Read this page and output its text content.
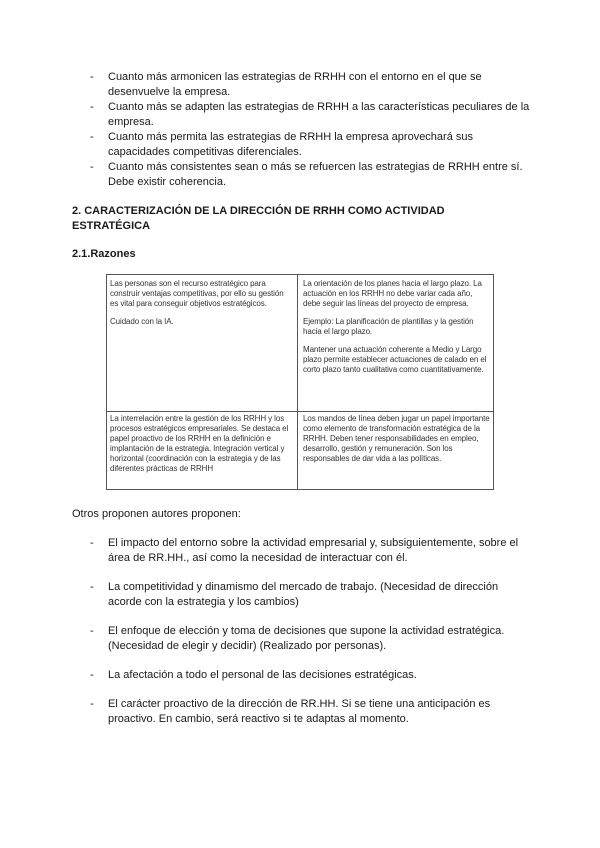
- Cuanto más armonicen las estrategias de RRHH con el entorno en el que se desenvuelve la empresa.
- Cuanto más se adapten las estrategias de RRHH a las características peculiares de la empresa.
- Cuanto más permita las estrategias de RRHH la empresa aprovechará sus capacidades competitivas diferenciales.
- Cuanto más consistentes sean o más se refuercen las estrategias de RRHH entre sí. Debe existir coherencia.
2. CARACTERIZACIÓN DE LA DIRECCIÓN DE RRHH COMO ACTIVIDAD ESTRATÉGICA
2.1.Razones

Las personas son el recurso estratégico para construir ventajas competitivas, por ello su gestión es vital para conseguir objetivos estratégicos.

Cuidado con la IA.

La orientación de los planes hacia el largo plazo. La actuación en los RRHH no debe variar cada año, debe seguir las líneas del proyecto de empresa.

Ejemplo: La planificación de plantillas y la gestión hacia el largo plazo.

Mantener una actuación coherente a Medio y Largo plazo permite establecer actuaciones de calado en el corto plazo tanto cualitativa como cuantitativamente.

La interrelación entre la gestión de los RRHH y los procesos estratégicos empresariales. Se destaca el papel proactivo de los RRHH en la definición e implantación de la estrategia. Integración vertical y horizontal (coordinación con la estrategia y de las diferentes prácticas de RRHH

Los mandos de línea deben jugar un papel importante como elemento de transformación estratégica de la RRHH. Deben tener responsabilidades en empleo, desarrollo, gestión y remuneración. Son los responsables de dar vida a las políticas.

Otros proponen autores proponen:
- El impacto del entorno sobre la actividad empresarial y, subsiguientemente, sobre el área de RR.HH., así como la necesidad de interactuar con él.
- La competitividad y dinamismo del mercado de trabajo. (Necesidad de dirección acorde con la estrategia y los cambios)
- El enfoque de elección y toma de decisiones que supone la actividad estratégica. (Necesidad de elegir y decidir) (Realizado por personas).
- La afectación a todo el personal de las decisiones estratégicas.
- El carácter proactivo de la dirección de RR.HH. Si se tiene una anticipación es proactivo. En cambio, será reactivo si te adaptas al momento.
